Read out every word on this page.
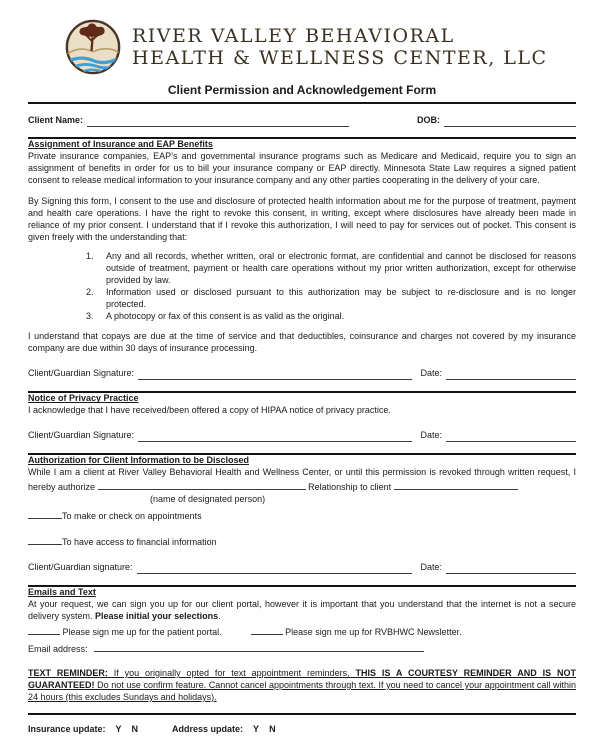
RIVER VALLEY BEHAVIORAL
HEALTH & WELLNESS CENTER, LLC
Client Permission and Acknowledgement Form
Client Name:	DOB:
Assignment of Insurance and EAP Benefits

Private insurance companies, EAP’s and governmental insurance programs such as Medicare and Medicaid, require you to sign an assignment of benefits in order for us to bill your insurance company or EAP directly. Minnesota State Law requires a signed patient consent to release medical information to your insurance company and any other parties cooperating in the delivery of your care.

By Signing this form, I consent to the use and disclosure of protected health information about me for the purpose of treatment, payment and health care operations. I have the right to revoke this consent, in writing, except where disclosures have already been made in reliance of my prior consent. I understand that if I revoke this authorization, I will need to pay for services out of pocket. This consent is given freely with the understanding that:

1.	Any and all records, whether written, oral or electronic format, are confidential and cannot be disclosed for reasons outside of treatment, payment or health care operations without my prior written authorization, except for otherwise provided by law.
2.	Information used or disclosed pursuant to this authorization may be subject to re-disclosure and is no longer protected.
3.	A photocopy or fax of this consent is as valid as the original.

I understand that copays are due at the time of service and that deductibles, coinsurance and charges not covered by my insurance company are due within 30 days of insurance processing.

Client/Guardian Signature:	Date:
Notice of Privacy Practice

I acknowledge that I have received/been offered a copy of HIPAA notice of privacy practice.

Client/Guardian Signature:	Date:
Authorization for Client Information to be Disclosed

While I am a client at River Valley Behavioral Health and Wellness Center, or until this permission is revoked through written request, I hereby authorize	Relationship to client

(name of designated person)
To make or check on appointments
To have access to financial information
Client/Guardian signature:	Date:
Emails and Text

At your request, we can sign you up for our client portal, however it is important that you understand that the internet is not a secure delivery system. Please initial your selections.

Please sign me up for the patient portal.	Please sign me up for RVBHWC Newsletter.
Email address:

TEXT REMINDER: If you originally opted for text appointment reminders, THIS IS A COURTESY REMINDER AND IS NOT GUARANTEED! Do not use confirm feature. Cannot cancel appointments through text. If you need to cancel your appointment call within 24 hours (this excludes Sundays and holidays).

Insurance update: Y N	Address update: Y N
